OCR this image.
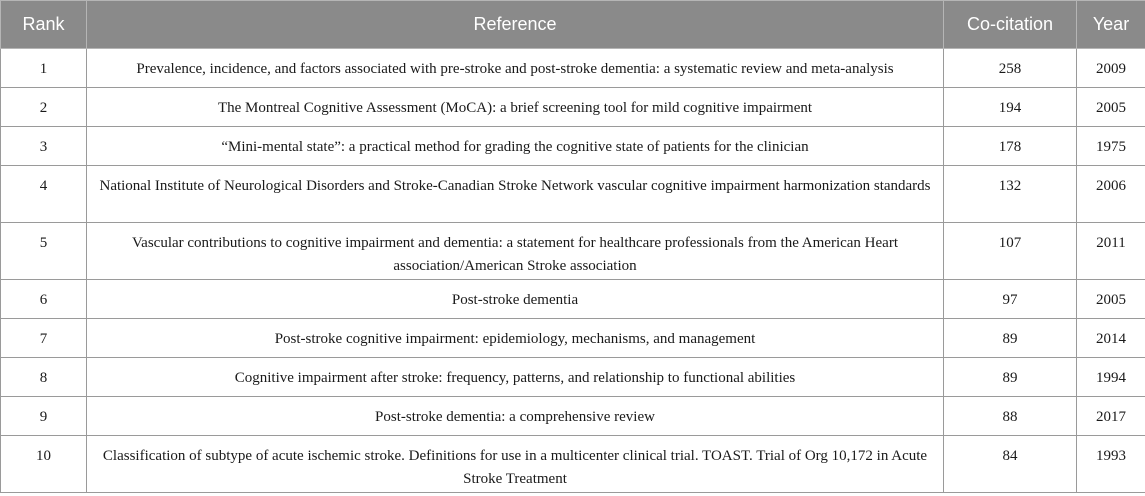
Rank	Reference	Co-citation	Year
1	Prevalence, incidence, and factors associated with pre-stroke and post-stroke dementia: a systematic review and meta-analysis	258	2009
2	The Montreal Cognitive Assessment (MoCA): a brief screening tool for mild cognitive impairment	194	2005
3	“Mini-mental state”: a practical method for grading the cognitive state of patients for the clinician	178	1975
4	National Institute of Neurological Disorders and Stroke-Canadian Stroke Network vascular cognitive impairment harmonization standards	132	2006
5	Vascular contributions to cognitive impairment and dementia: a statement for healthcare professionals from the American Heart association/American Stroke association	107	2011
6	Post-stroke dementia	97	2005
7	Post-stroke cognitive impairment: epidemiology, mechanisms, and management	89	2014
8	Cognitive impairment after stroke: frequency, patterns, and relationship to functional abilities	89	1994
9	Post-stroke dementia: a comprehensive review	88	2017
10	Classification of subtype of acute ischemic stroke. Definitions for use in a multicenter clinical trial. TOAST. Trial of Org 10,172 in Acute Stroke Treatment	84	1993
